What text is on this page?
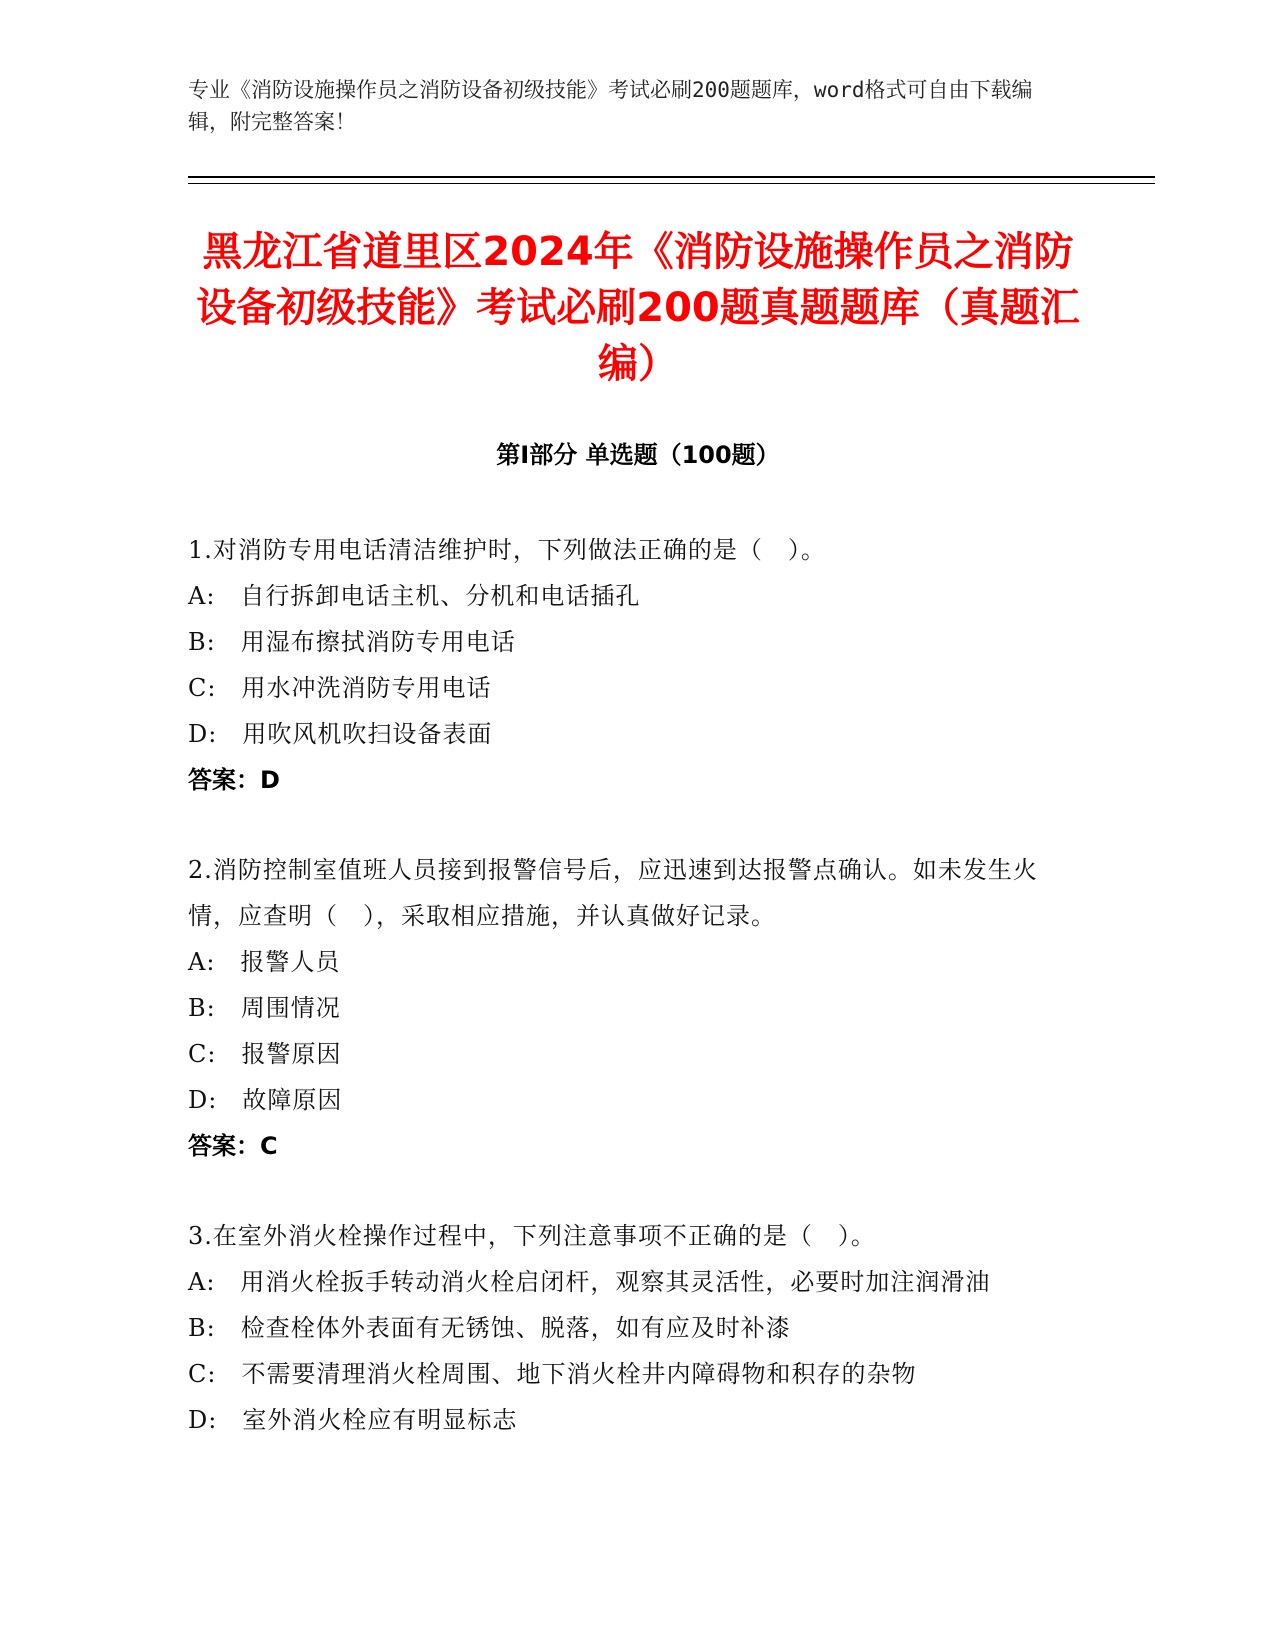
专业《消防设施操作员之消防设备初级技能》考试必刷200题题库，word格式可自由下载编辑，附完整答案！
黑龙江省道里区2024年《消防设施操作员之消防设备初级技能》考试必刷200题真题题库（真题汇编）
第I部分 单选题（100题）
1.对消防专用电话清洁维护时，下列做法正确的是（　）。
A:　自行拆卸电话主机、分机和电话插孔
B:　用湿布擦拭消防专用电话
C:　用水冲洗消防专用电话
D:　用吹风机吹扫设备表面
答案：D
2.消防控制室值班人员接到报警信号后，应迅速到达报警点确认。如未发生火情，应查明（　），采取相应措施，并认真做好记录。
A:　报警人员
B:　周围情况
C:　报警原因
D:　故障原因
答案：C
3.在室外消火栓操作过程中，下列注意事项不正确的是（　）。
A:　用消火栓扳手转动消火栓启闭杆，观察其灵活性，必要时加注润滑油
B:　检查栓体外表面有无锈蚀、脱落，如有应及时补漆
C:　不需要清理消火栓周围、地下消火栓井内障碍物和积存的杂物
D:　室外消火栓应有明显标志
